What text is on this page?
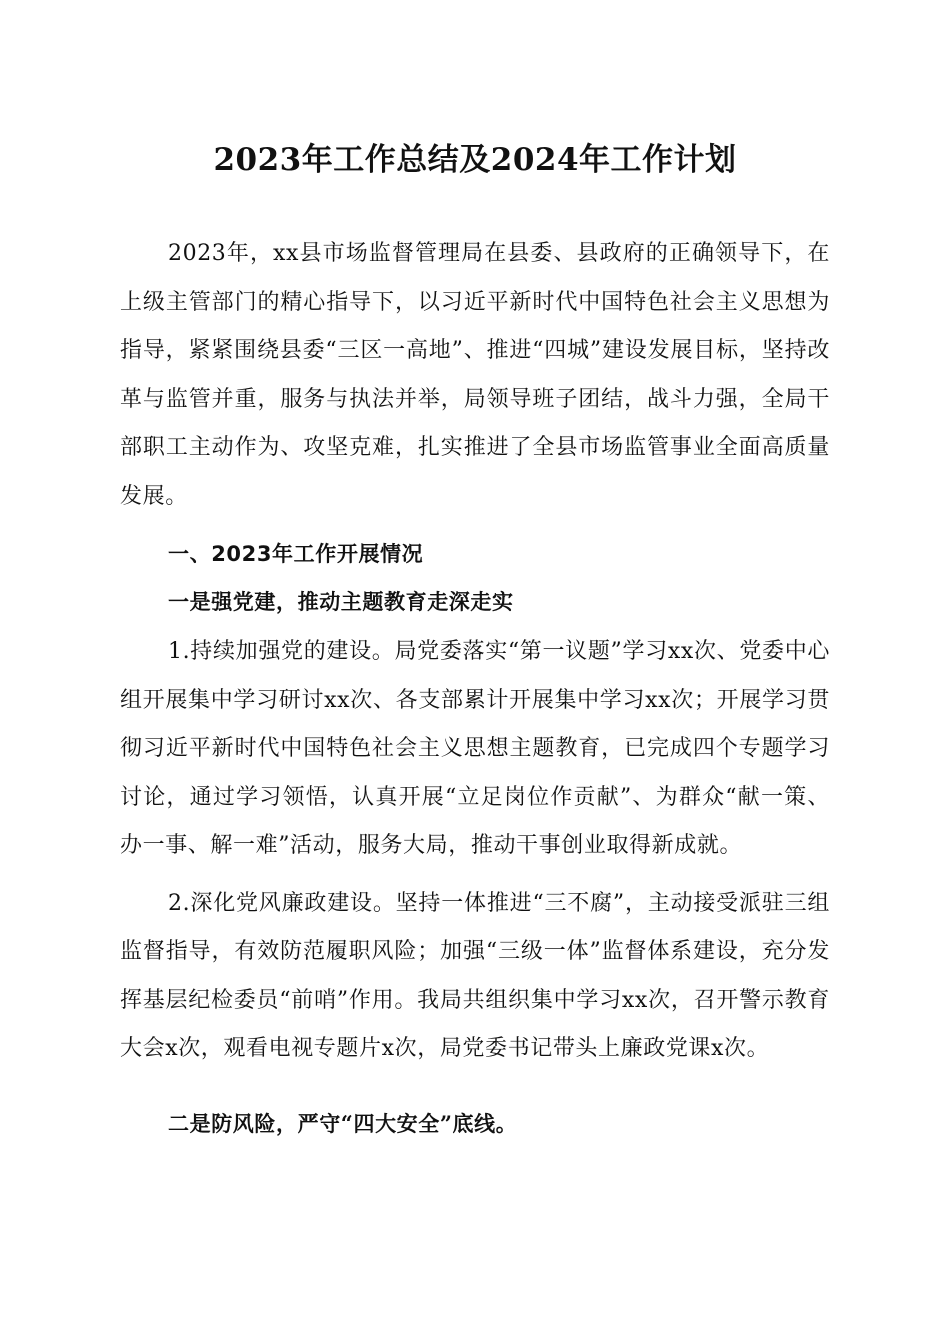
2023年工作总结及2024年工作计划

2023年，xx县市场监督管理局在县委、县政府的正确领导下，在上级主管部门的精心指导下，以习近平新时代中国特色社会主义思想为指导，紧紧围绕县委“三区一高地”、推进“四城”建设发展目标，坚持改革与监管并重，服务与执法并举，局领导班子团结，战斗力强，全局干部职工主动作为、攻坚克难，扎实推进了全县市场监管事业全面高质量发展。

一、2023年工作开展情况

一是强党建，推动主题教育走深走实

1.持续加强党的建设。局党委落实“第一议题”学习xx次、党委中心组开展集中学习研讨xx次、各支部累计开展集中学习xx次；开展学习贯彻习近平新时代中国特色社会主义思想主题教育，已完成四个专题学习讨论，通过学习领悟，认真开展“立足岗位作贡献”、为群众“献一策、办一事、解一难”活动，服务大局，推动干事创业取得新成就。

2.深化党风廉政建设。坚持一体推进“三不腐”，主动接受派驻三组监督指导，有效防范履职风险；加强“三级一体”监督体系建设，充分发挥基层纪检委员“前哨”作用。我局共组织集中学习xx次，召开警示教育大会x次，观看电视专题片x次，局党委书记带头上廉政党课x次。

二是防风险，严守“四大安全”底线。
